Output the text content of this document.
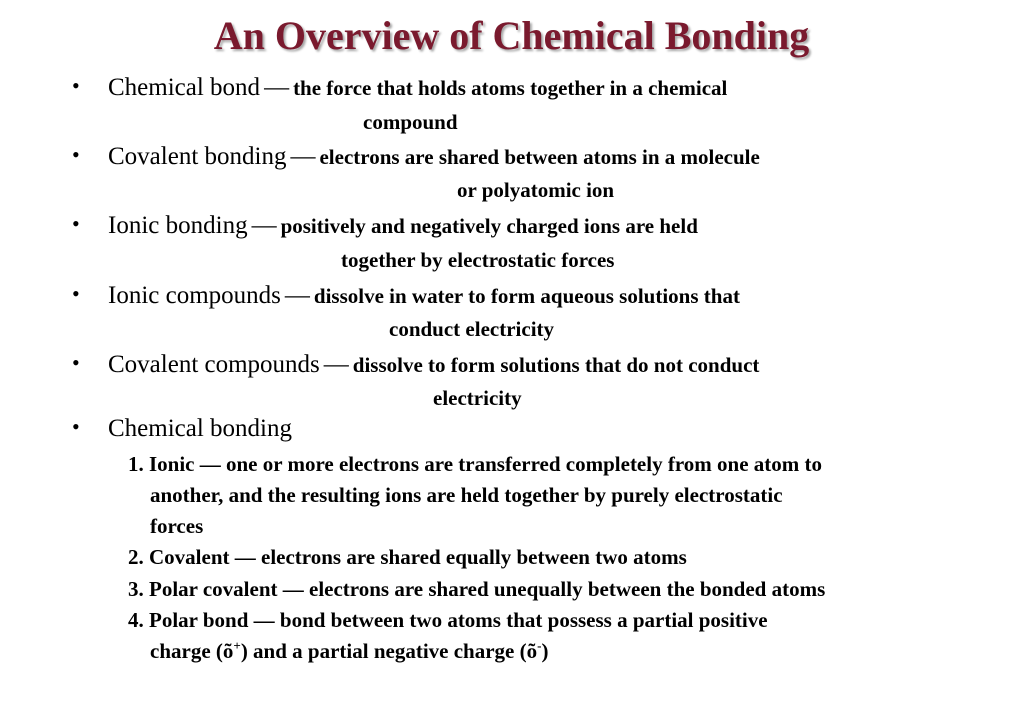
An Overview of Chemical Bonding
• Chemical bond — the force that holds atoms together in a chemical
compound
• Covalent bonding — electrons are shared between atoms in a molecule
or polyatomic ion
• Ionic bonding — positively and negatively charged ions are held
together by electrostatic forces
• Ionic compounds — dissolve in water to form aqueous solutions that
conduct electricity
• Covalent compounds — dissolve to form solutions that do not conduct
electricity
• Chemical bonding
1. Ionic — one or more electrons are transferred completely from one atom to
another, and the resulting ions are held together by purely electrostatic
forces
2. Covalent — electrons are shared equally between two atoms
3. Polar covalent — electrons are shared unequally between the bonded atoms
4. Polar bond — bond between two atoms that possess a partial positive
charge (õ+) and a partial negative charge (õ-)
